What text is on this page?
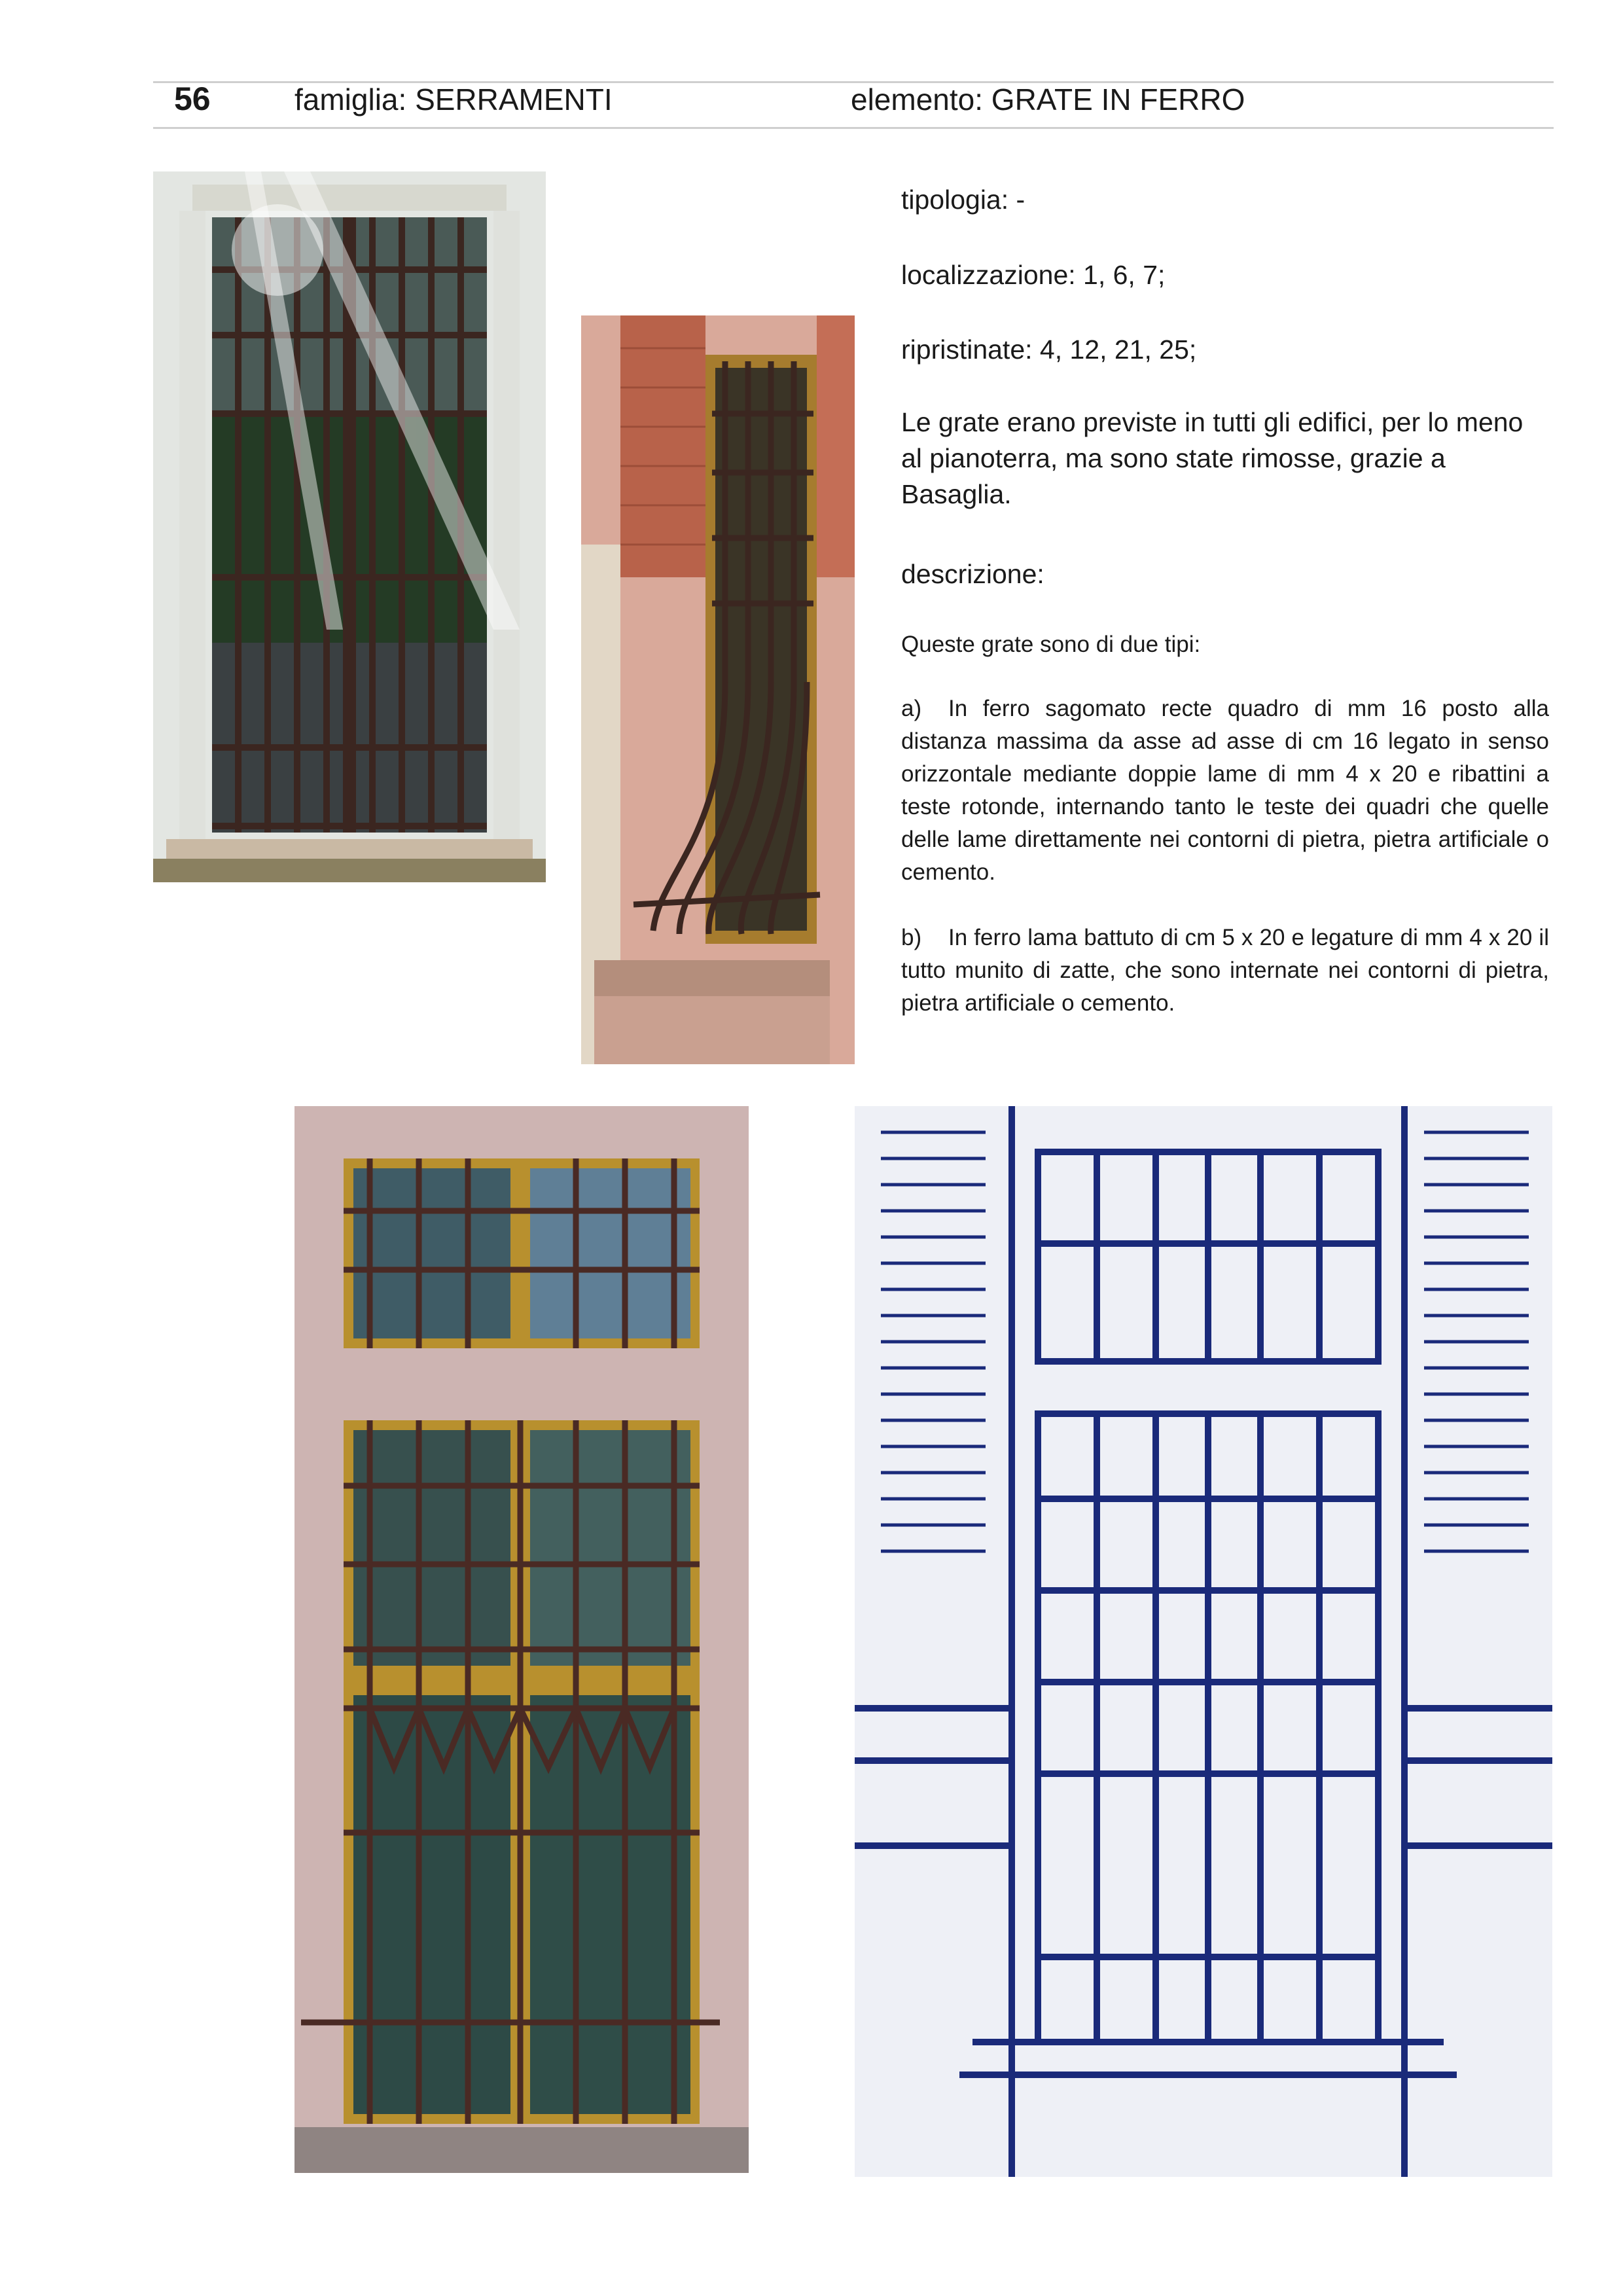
56	famiglia: SERRAMENTI	elemento: GRATE IN FERRO

tipologia: -

localizzazione: 1, 6, 7;

ripristinate: 4, 12, 21, 25;

Le grate erano previste in tutti gli edifici, per lo meno al pianoterra, ma sono state rimosse, grazie a Basaglia.

descrizione:

Queste grate sono di due tipi:

a) In ferro sagomato recte quadro di mm 16 posto alla distanza massima da asse ad asse di cm 16 legato in senso orizzontale mediante doppie lame di mm 4 x 20 e ribattini a teste rotonde, internando tanto le teste dei quadri che quelle delle lame direttamente nei contorni di pietra, pietra artificiale o cemento.

b) In ferro lama battuto di cm 5 x 20 e legature di mm 4 x 20 il tutto munito di zatte, che sono internate nei contorni di pietra, pietra artificiale o cemento.
